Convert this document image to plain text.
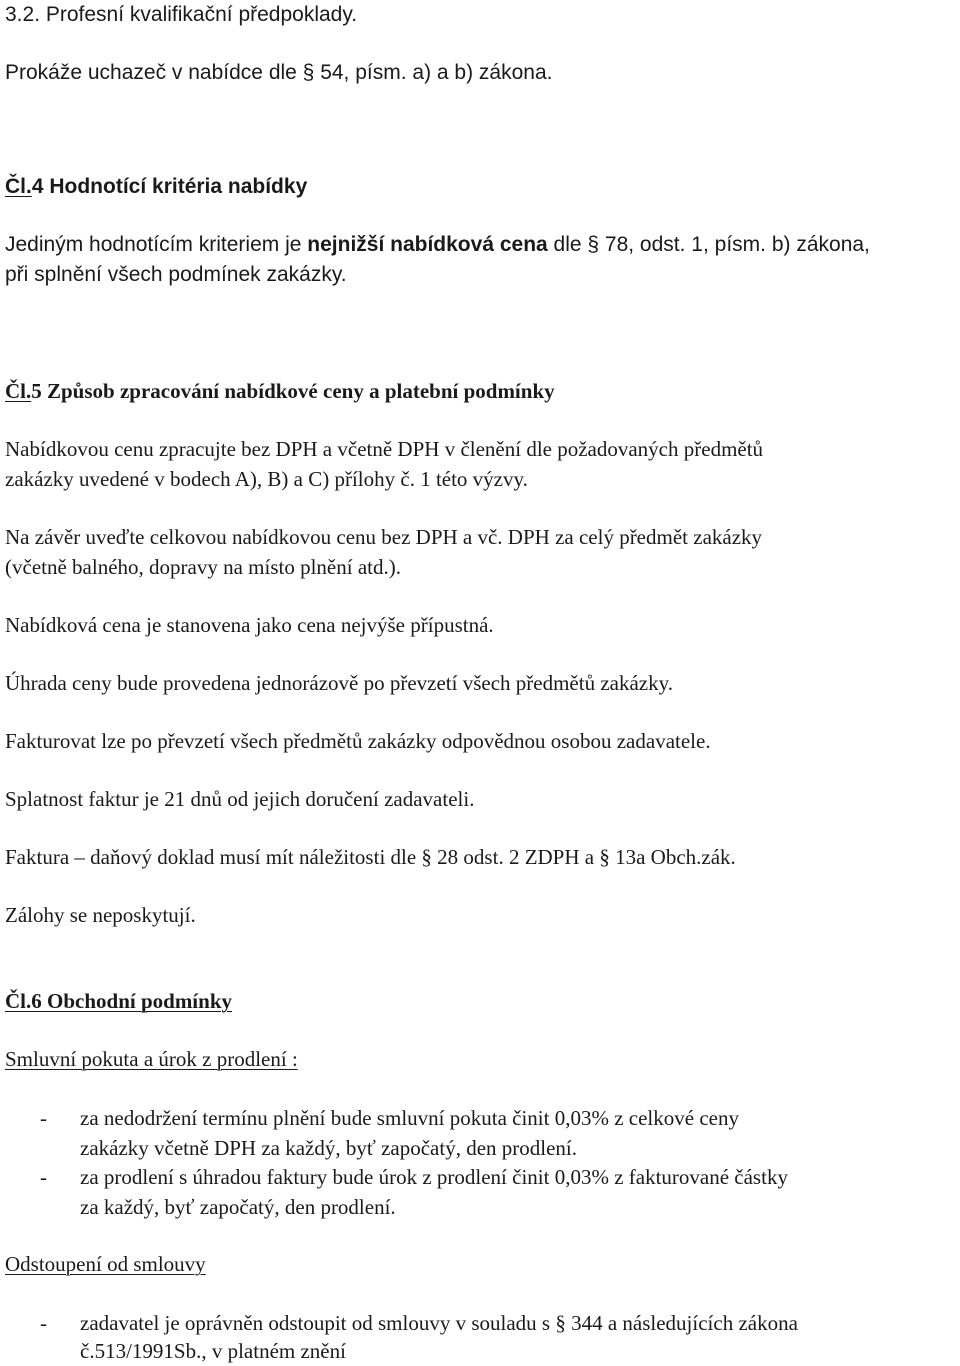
3.2. Profesní kvalifikační předpoklady.

Prokáže uchazeč v nabídce dle § 54, písm. a) a b) zákona.

Čl.4 Hodnotící kritéria nabídky

Jediným hodnotícím kriteriem je nejnižší nabídková cena dle § 78, odst. 1, písm. b) zákona,

při splnění všech podmínek zakázky.

Čl.5 Způsob zpracování nabídkové ceny a platební podmínky

Nabídkovou cenu zpracujte bez DPH a včetně DPH v členění dle požadovaných předmětů

zakázky uvedené v bodech A), B) a C) přílohy č. 1 této výzvy.

Na závěr uveďte celkovou nabídkovou cenu bez DPH a vč. DPH za celý předmět zakázky

(včetně balného, dopravy na místo plnění atd.).

Nabídková cena je stanovena jako cena nejvýše přípustná.

Úhrada ceny bude provedena jednorázově po převzetí všech předmětů zakázky.

Fakturovat lze po převzetí všech předmětů zakázky odpovědnou osobou zadavatele.

Splatnost faktur je 21 dnů od jejich doručení zadavateli.

Faktura – daňový doklad musí mít náležitosti dle § 28 odst. 2 ZDPH a § 13a Obch.zák.

Zálohy se neposkytují.

Čl.6 Obchodní podmínky

Smluvní pokuta a úrok z prodlení :

- za nedodržení termínu plnění bude smluvní pokuta činit 0,03% z celkové ceny
zakázky včetně DPH za každý, byť započatý, den prodlení.
- za prodlení s úhradou faktury bude úrok z prodlení činit 0,03% z fakturované částky
za každý, byť započatý, den prodlení.

Odstoupení od smlouvy

- zadavatel je oprávněn odstoupit od smlouvy v souladu s § 344 a následujících zákona
č.513/1991Sb., v platném znění
